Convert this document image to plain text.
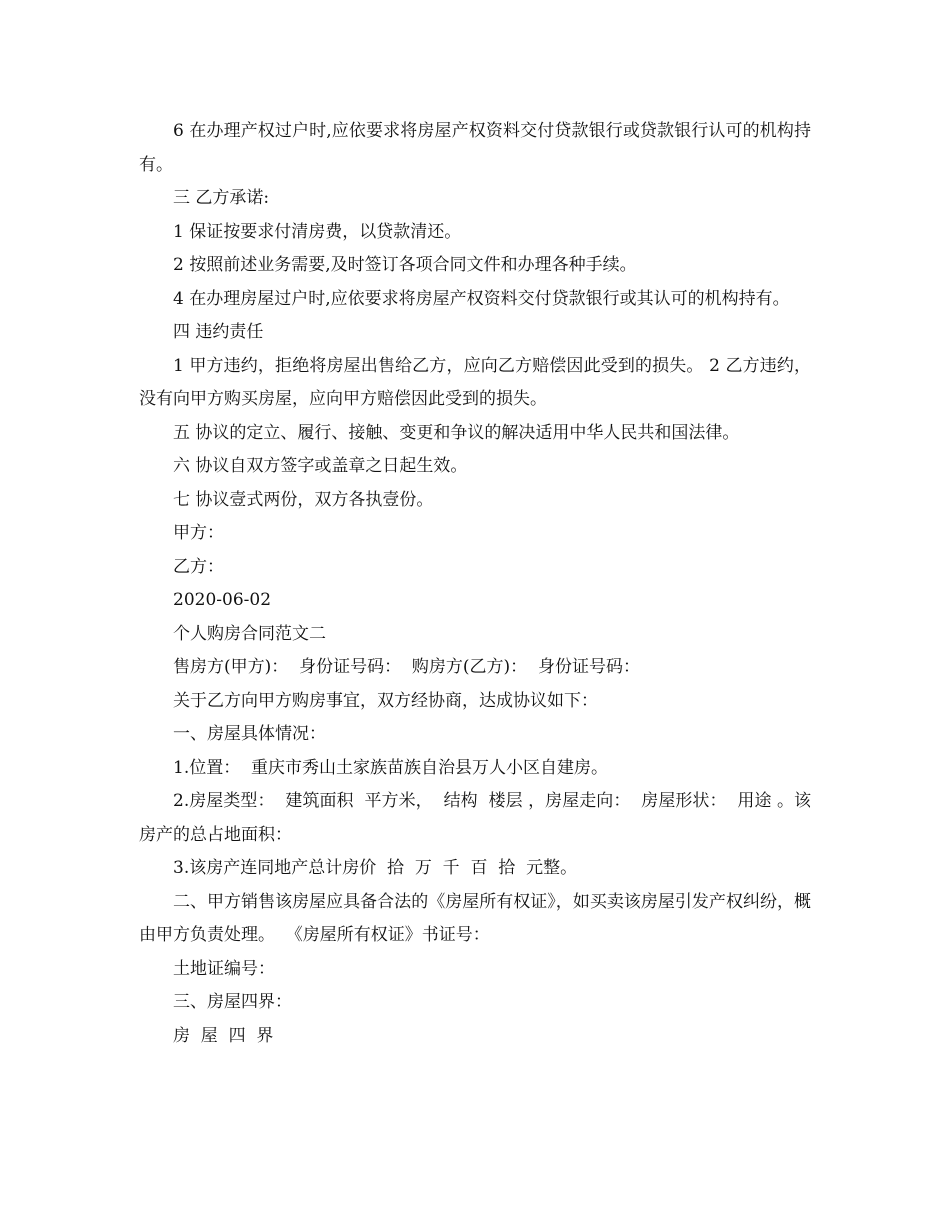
6 在办理产权过户时,应依要求将房屋产权资料交付贷款银行或贷款银行认可的机构持有。

三 乙方承诺:

1 保证按要求付清房费，以贷款清还。

2 按照前述业务需要,及时签订各项合同文件和办理各种手续。

4 在办理房屋过户时,应依要求将房屋产权资料交付贷款银行或其认可的机构持有。

四 违约责任

1 甲方违约，拒绝将房屋出售给乙方，应向乙方赔偿因此受到的损失。 2 乙方违约，没有向甲方购买房屋，应向甲方赔偿因此受到的损失。

五 协议的定立、履行、接触、变更和争议的解决适用中华人民共和国法律。

六 协议自双方签字或盖章之日起生效。

七 协议壹式两份，双方各执壹份。

甲方：

乙方：

2020-06-02

个人购房合同范文二

售房方(甲方)：  身份证号码：  购房方(乙方)：  身份证号码：

关于乙方向甲方购房事宜，双方经协商，达成协议如下：

一、房屋具体情况：

1.位置：  重庆市秀山土家族苗族自治县万人小区自建房。

2.房屋类型：  建筑面积  平方米，  结构  楼层 ，房屋走向：  房屋形状：  用途 。该房产的总占地面积：

3.该房产连同地产总计房价  拾  万  千  百  拾  元整。

二、甲方销售该房屋应具备合法的《房屋所有权证》，如买卖该房屋引发产权纠纷，概由甲方负责处理。  《房屋所有权证》书证号：

土地证编号：

三、房屋四界：

房  屋  四  界
